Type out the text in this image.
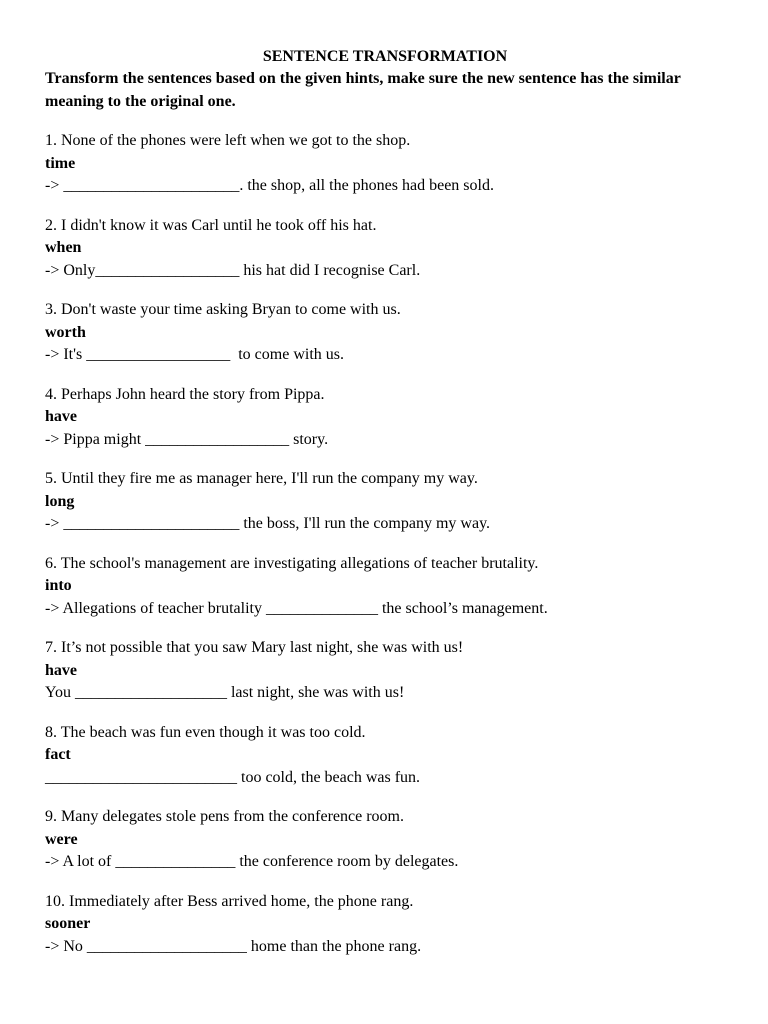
SENTENCE TRANSFORMATION
Transform the sentences based on the given hints, make sure the new sentence has the similar meaning to the original one.
1. None of the phones were left when we got to the shop.
time
-> ______________________. the shop, all the phones had been sold.
2. I didn't know it was Carl until he took off his hat.
when
-> Only__________________ his hat did I recognise Carl.
3. Don't waste your time asking Bryan to come with us.
worth
-> It's __________________  to come with us.
4. Perhaps John heard the story from Pippa.
have
-> Pippa might __________________ story.
5. Until they fire me as manager here, I'll run the company my way.
long
-> ______________________ the boss, I'll run the company my way.
6. The school's management are investigating allegations of teacher brutality.
into
-> Allegations of teacher brutality ______________ the school’s management.
7. It’s not possible that you saw Mary last night, she was with us!
have
You ___________________ last night, she was with us!
8. The beach was fun even though it was too cold.
fact
________________________ too cold, the beach was fun.
9. Many delegates stole pens from the conference room.
were
-> A lot of _______________ the conference room by delegates.
10. Immediately after Bess arrived home, the phone rang.
sooner
-> No ____________________ home than the phone rang.
